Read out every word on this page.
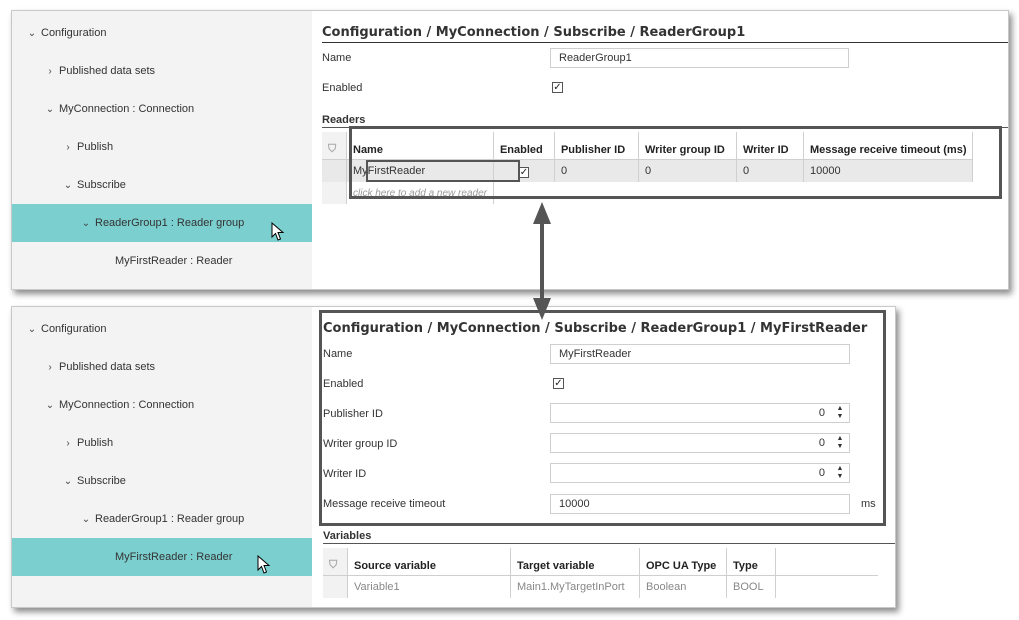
⌄ Configuration
› Published data sets
⌄ MyConnection : Connection
› Publish
⌄ Subscribe
⌄ ReaderGroup1 : Reader group
MyFirstReader : Reader
Configuration / MyConnection / Subscribe / ReaderGroup1
Name	ReaderGroup1
Enabled	✓
Readers
⛉	Name	Enabled	Publisher ID	Writer group ID	Writer ID	Message receive timeout (ms)
	MyFirstReader	✓	0	0	0	10000
	click here to add a new reader					
⌄ Configuration
› Published data sets
⌄ MyConnection : Connection
› Publish
⌄ Subscribe
⌄ ReaderGroup1 : Reader group
MyFirstReader : Reader
Configuration / MyConnection / Subscribe / ReaderGroup1 / MyFirstReader
Name	MyFirstReader
Enabled	✓
Publisher ID	0 ▲
▼
Writer group ID	0 ▲
▼
Writer ID	0 ▲
▼
Message receive timeout	10000	ms
Variables
⛉	Source variable	Target variable	OPC UA Type	Type	
	Variable1	Main1.MyTargetInPort	Boolean	BOOL	
